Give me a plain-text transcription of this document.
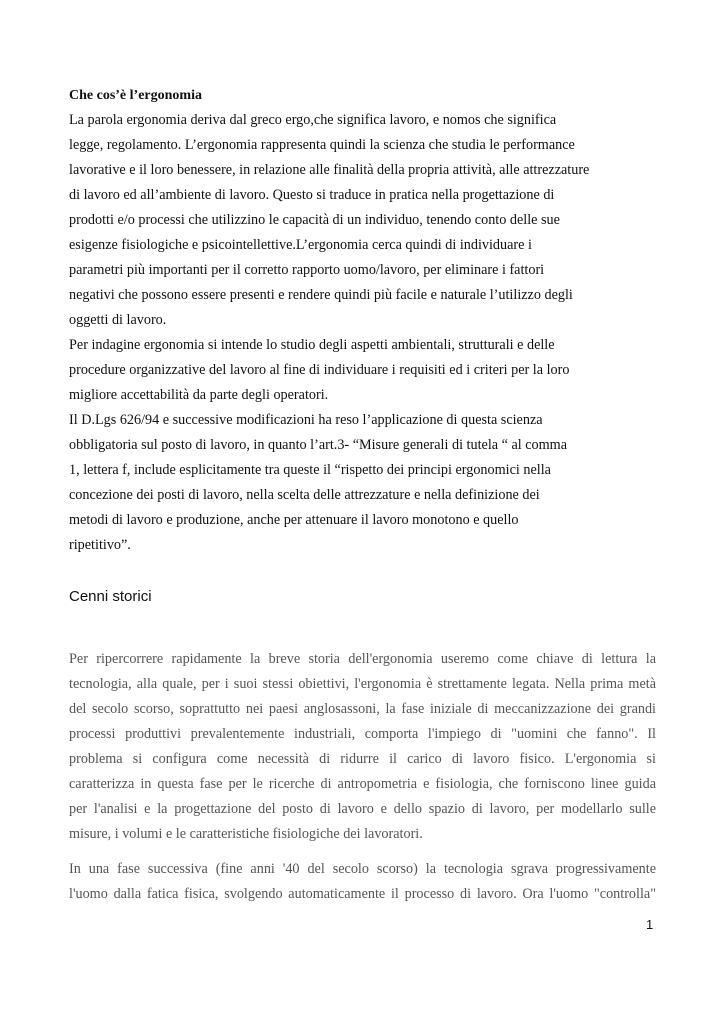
Che cos’è l’ergonomia

La parola ergonomia deriva dal greco ergo,che significa lavoro, e nomos che significa

legge, regolamento. L’ergonomia rappresenta quindi la scienza che studia le performance

lavorative e il loro benessere, in relazione alle finalità della propria attività, alle attrezzature

di lavoro ed all’ambiente di lavoro. Questo si traduce in pratica nella progettazione di

prodotti e/o processi che utilizzino le capacità di un individuo, tenendo conto delle sue

esigenze fisiologiche e psicointellettive.L’ergonomia cerca quindi di individuare i

parametri più importanti per il corretto rapporto uomo/lavoro, per eliminare i fattori

negativi che possono essere presenti e rendere quindi più facile e naturale l’utilizzo degli

oggetti di lavoro.

Per indagine ergonomia si intende lo studio degli aspetti ambientali, strutturali e delle

procedure organizzative del lavoro al fine di individuare i requisiti ed i criteri per la loro

migliore accettabilità da parte degli operatori.

Il D.Lgs 626/94 e successive modificazioni ha reso l’applicazione di questa scienza

obbligatoria sul posto di lavoro, in quanto l’art.3- “Misure generali di tutela “ al comma

1, lettera f, include esplicitamente tra queste il “rispetto dei principi ergonomici nella

concezione dei posti di lavoro, nella scelta delle attrezzature e nella definizione dei

metodi di lavoro e produzione, anche per attenuare il lavoro monotono e quello

ripetitivo”.

Cenni storici

Per ripercorrere rapidamente la breve storia dell'ergonomia useremo come chiave di lettura la

tecnologia, alla quale, per i suoi stessi obiettivi, l'ergonomia è strettamente legata. Nella prima metà

del secolo scorso, soprattutto nei paesi anglosassoni, la fase iniziale di meccanizzazione dei grandi

processi produttivi prevalentemente industriali, comporta l'impiego di "uomini che fanno". Il

problema si configura come necessità di ridurre il carico di lavoro fisico. L'ergonomia si

caratterizza in questa fase per le ricerche di antropometria e fisiologia, che forniscono linee guida

per l'analisi e la progettazione del posto di lavoro e dello spazio di lavoro, per modellarlo sulle

misure, i volumi e le caratteristiche fisiologiche dei lavoratori.

In una fase successiva (fine anni '40 del secolo scorso) la tecnologia sgrava progressivamente

l'uomo dalla fatica fisica, svolgendo automaticamente il processo di lavoro. Ora l'uomo "controlla"

1
